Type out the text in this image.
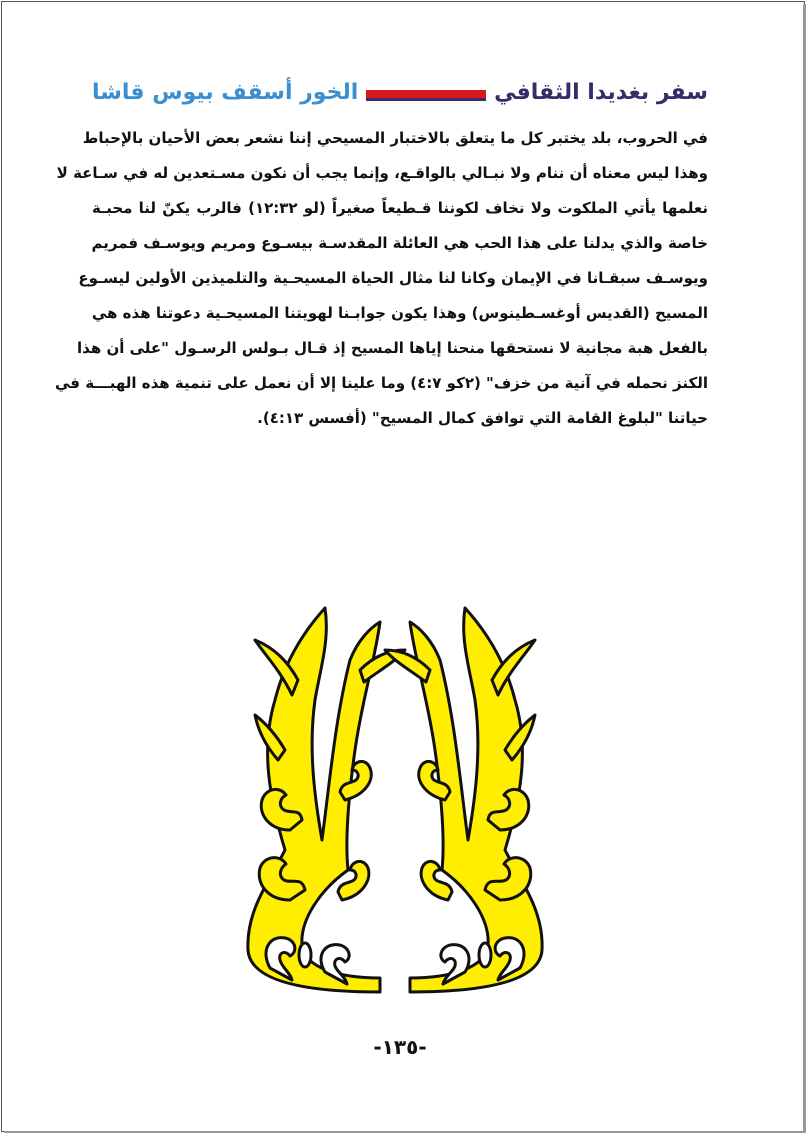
سفر بغديدا الثقافي
الخور أسقف بيوس قاشا
في الحروب، بلد يختبر كل ما يتعلق بالاختبار المسيحي إننا نشعر بعض الأحيان بالإحباط
وهذا ليس معناه أن ننام ولا نبـالي بالواقـع، وإنما يجب أن نكون مسـتعدين له في سـاعة لا
نعلمها يأتي الملكوت ولا نخاف لكوننا قـطيعاً صغيراً (لو ١٢:٣٢) فالرب يكنّ لنا محبـة
خاصة والذي يدلنا على هذا الحب هي العائلة المقدسـة بيسـوع ومريم ويوسـف فمريم
ويوسـف سبقـانا في الإيمان وكانا لنا مثال الحياة المسيحـية والتلميذين الأولين ليسـوع
المسيح (القديس أوغسـطينوس) وهذا يكون جوابـنا لهويتنا المسيحـية دعوتنا هذه هي
بالفعل هبة مجانية لا نستحقها منحنا إياها المسيح إذ قـال بـولس الرسـول "على أن هذا
الكنز نحمله في آنية من خزف" (٢كو ٤:٧) وما علينا إلا أن نعمل على تنمية هذه الهبـــة في
حياتنا "لبلوغ القامة التي توافق كمال المسيح" (أفسس ٤:١٣).
-١٣٥-
